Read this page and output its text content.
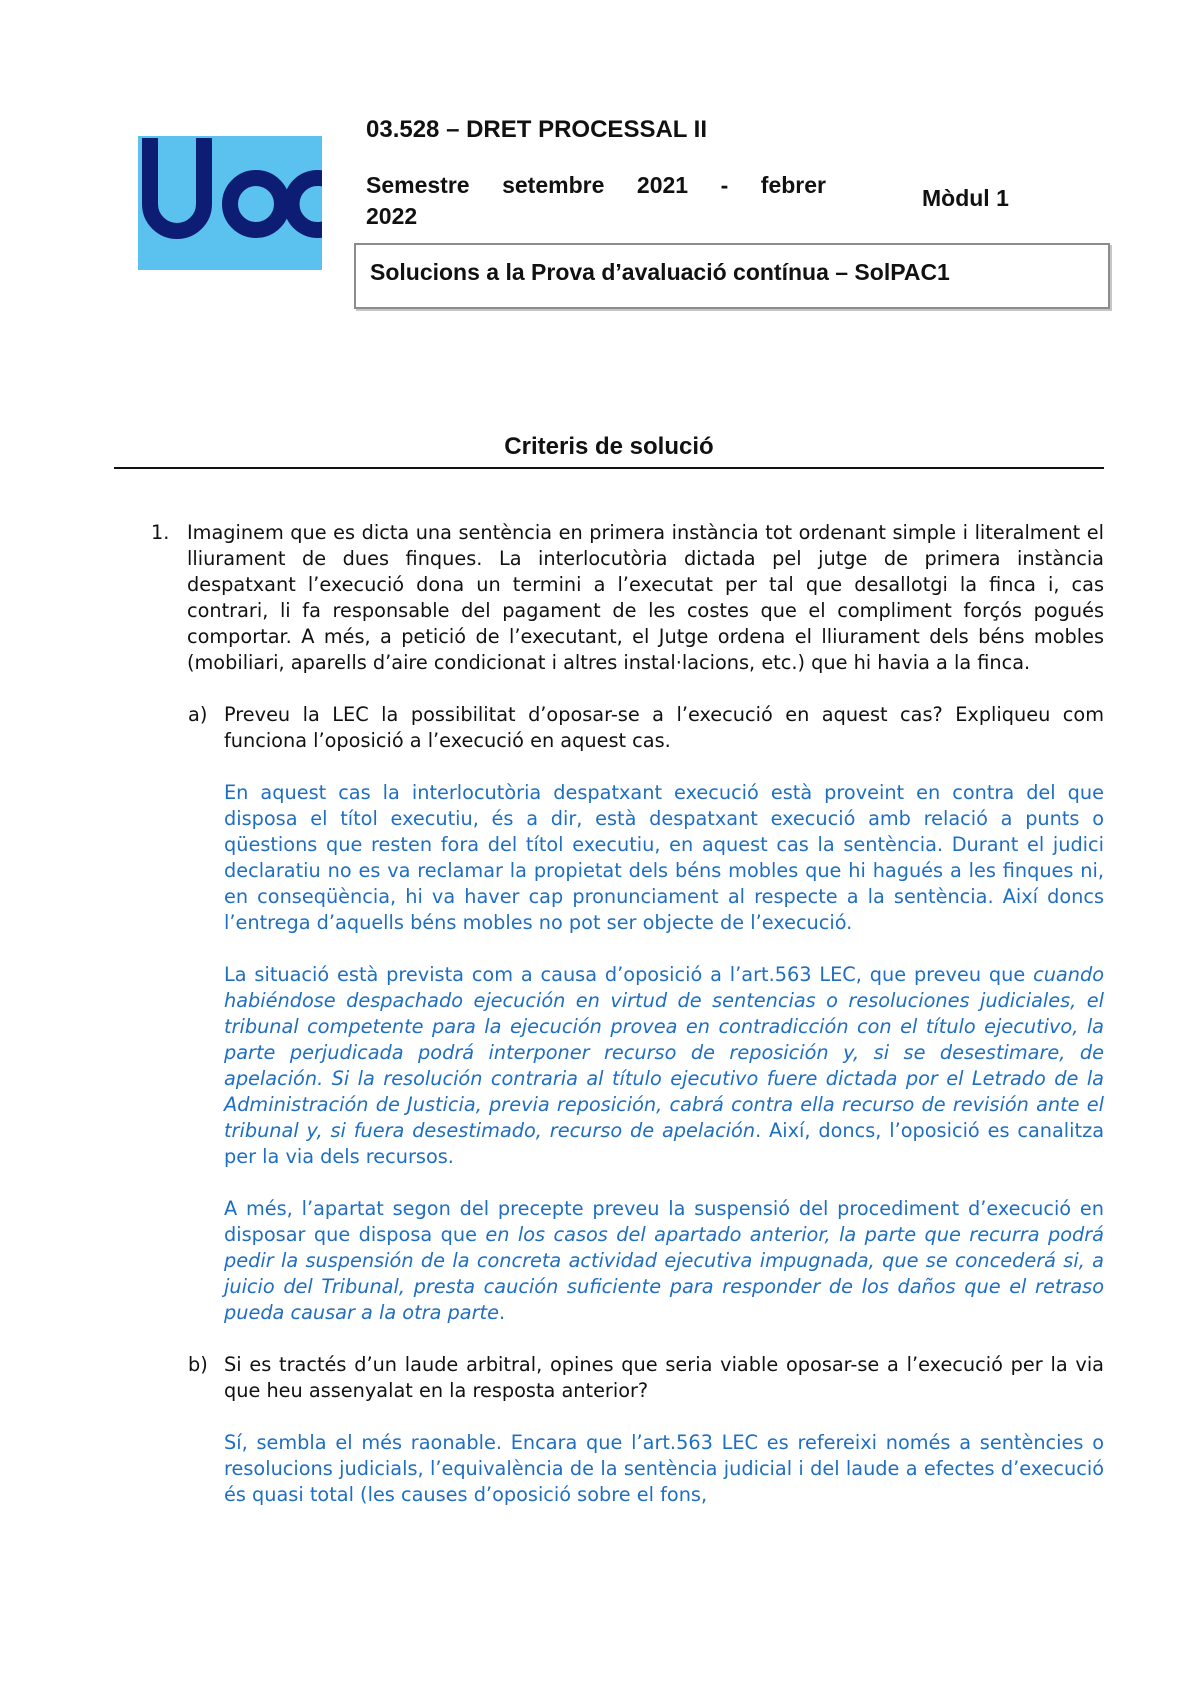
03.528 – DRET PROCESSAL II
Semestre setembre 2021 - febrer
2022
Mòdul 1
Solucions a la Prova d’avaluació contínua – SolPAC1
Criteris de solució
1. Imaginem que es dicta una sentència en primera instància tot ordenant simple i literalment el lliurament de dues finques. La interlocutòria dictada pel jutge de primera instància despatxant l’execució dona un termini a l’executat per tal que desallotgi la finca i, cas contrari, li fa responsable del pagament de les costes que el compliment forçós pogués comportar. A més, a petició de l’executant, el Jutge ordena el lliurament dels béns mobles (mobiliari, aparells d’aire condicionat i altres instal·lacions, etc.) que hi havia a la finca.
a) Preveu la LEC la possibilitat d’oposar-se a l’execució en aquest cas? Expliqueu com funciona l’oposició a l’execució en aquest cas.

En aquest cas la interlocutòria despatxant execució està proveint en contra del que disposa el títol executiu, és a dir, està despatxant execució amb relació a punts o qüestions que resten fora del títol executiu, en aquest cas la sentència. Durant el judici declaratiu no es va reclamar la propietat dels béns mobles que hi hagués a les finques ni, en conseqüència, hi va haver cap pronunciament al respecte a la sentència. Així doncs l’entrega d’aquells béns mobles no pot ser objecte de l’execució.

La situació està prevista com a causa d’oposició a l’art.563 LEC, que preveu que cuando habiéndose despachado ejecución en virtud de sentencias o resoluciones judiciales, el tribunal competente para la ejecución provea en contradicción con el título ejecutivo, la parte perjudicada podrá interponer recurso de reposición y, si se desestimare, de apelación. Si la resolución contraria al título ejecutivo fuere dictada por el Letrado de la Administración de Justicia, previa reposición, cabrá contra ella recurso de revisión ante el tribunal y, si fuera desestimado, recurso de apelación. Així, doncs, l’oposició es canalitza per la via dels recursos.

A més, l’apartat segon del precepte preveu la suspensió del procediment d’execució en disposar que disposa que en los casos del apartado anterior, la parte que recurra podrá pedir la suspensión de la concreta actividad ejecutiva impugnada, que se concederá si, a juicio del Tribunal, presta caución suficiente para responder de los daños que el retraso pueda causar a la otra parte.

b) Si es tractés d’un laude arbitral, opines que seria viable oposar-se a l’execució per la via que heu assenyalat en la resposta anterior?

Sí, sembla el més raonable. Encara que l’art.563 LEC es refereixi només a sentències o resolucions judicials, l’equivalència de la sentència judicial i del laude a efectes d’execució és quasi total (les causes d’oposició sobre el fons,
